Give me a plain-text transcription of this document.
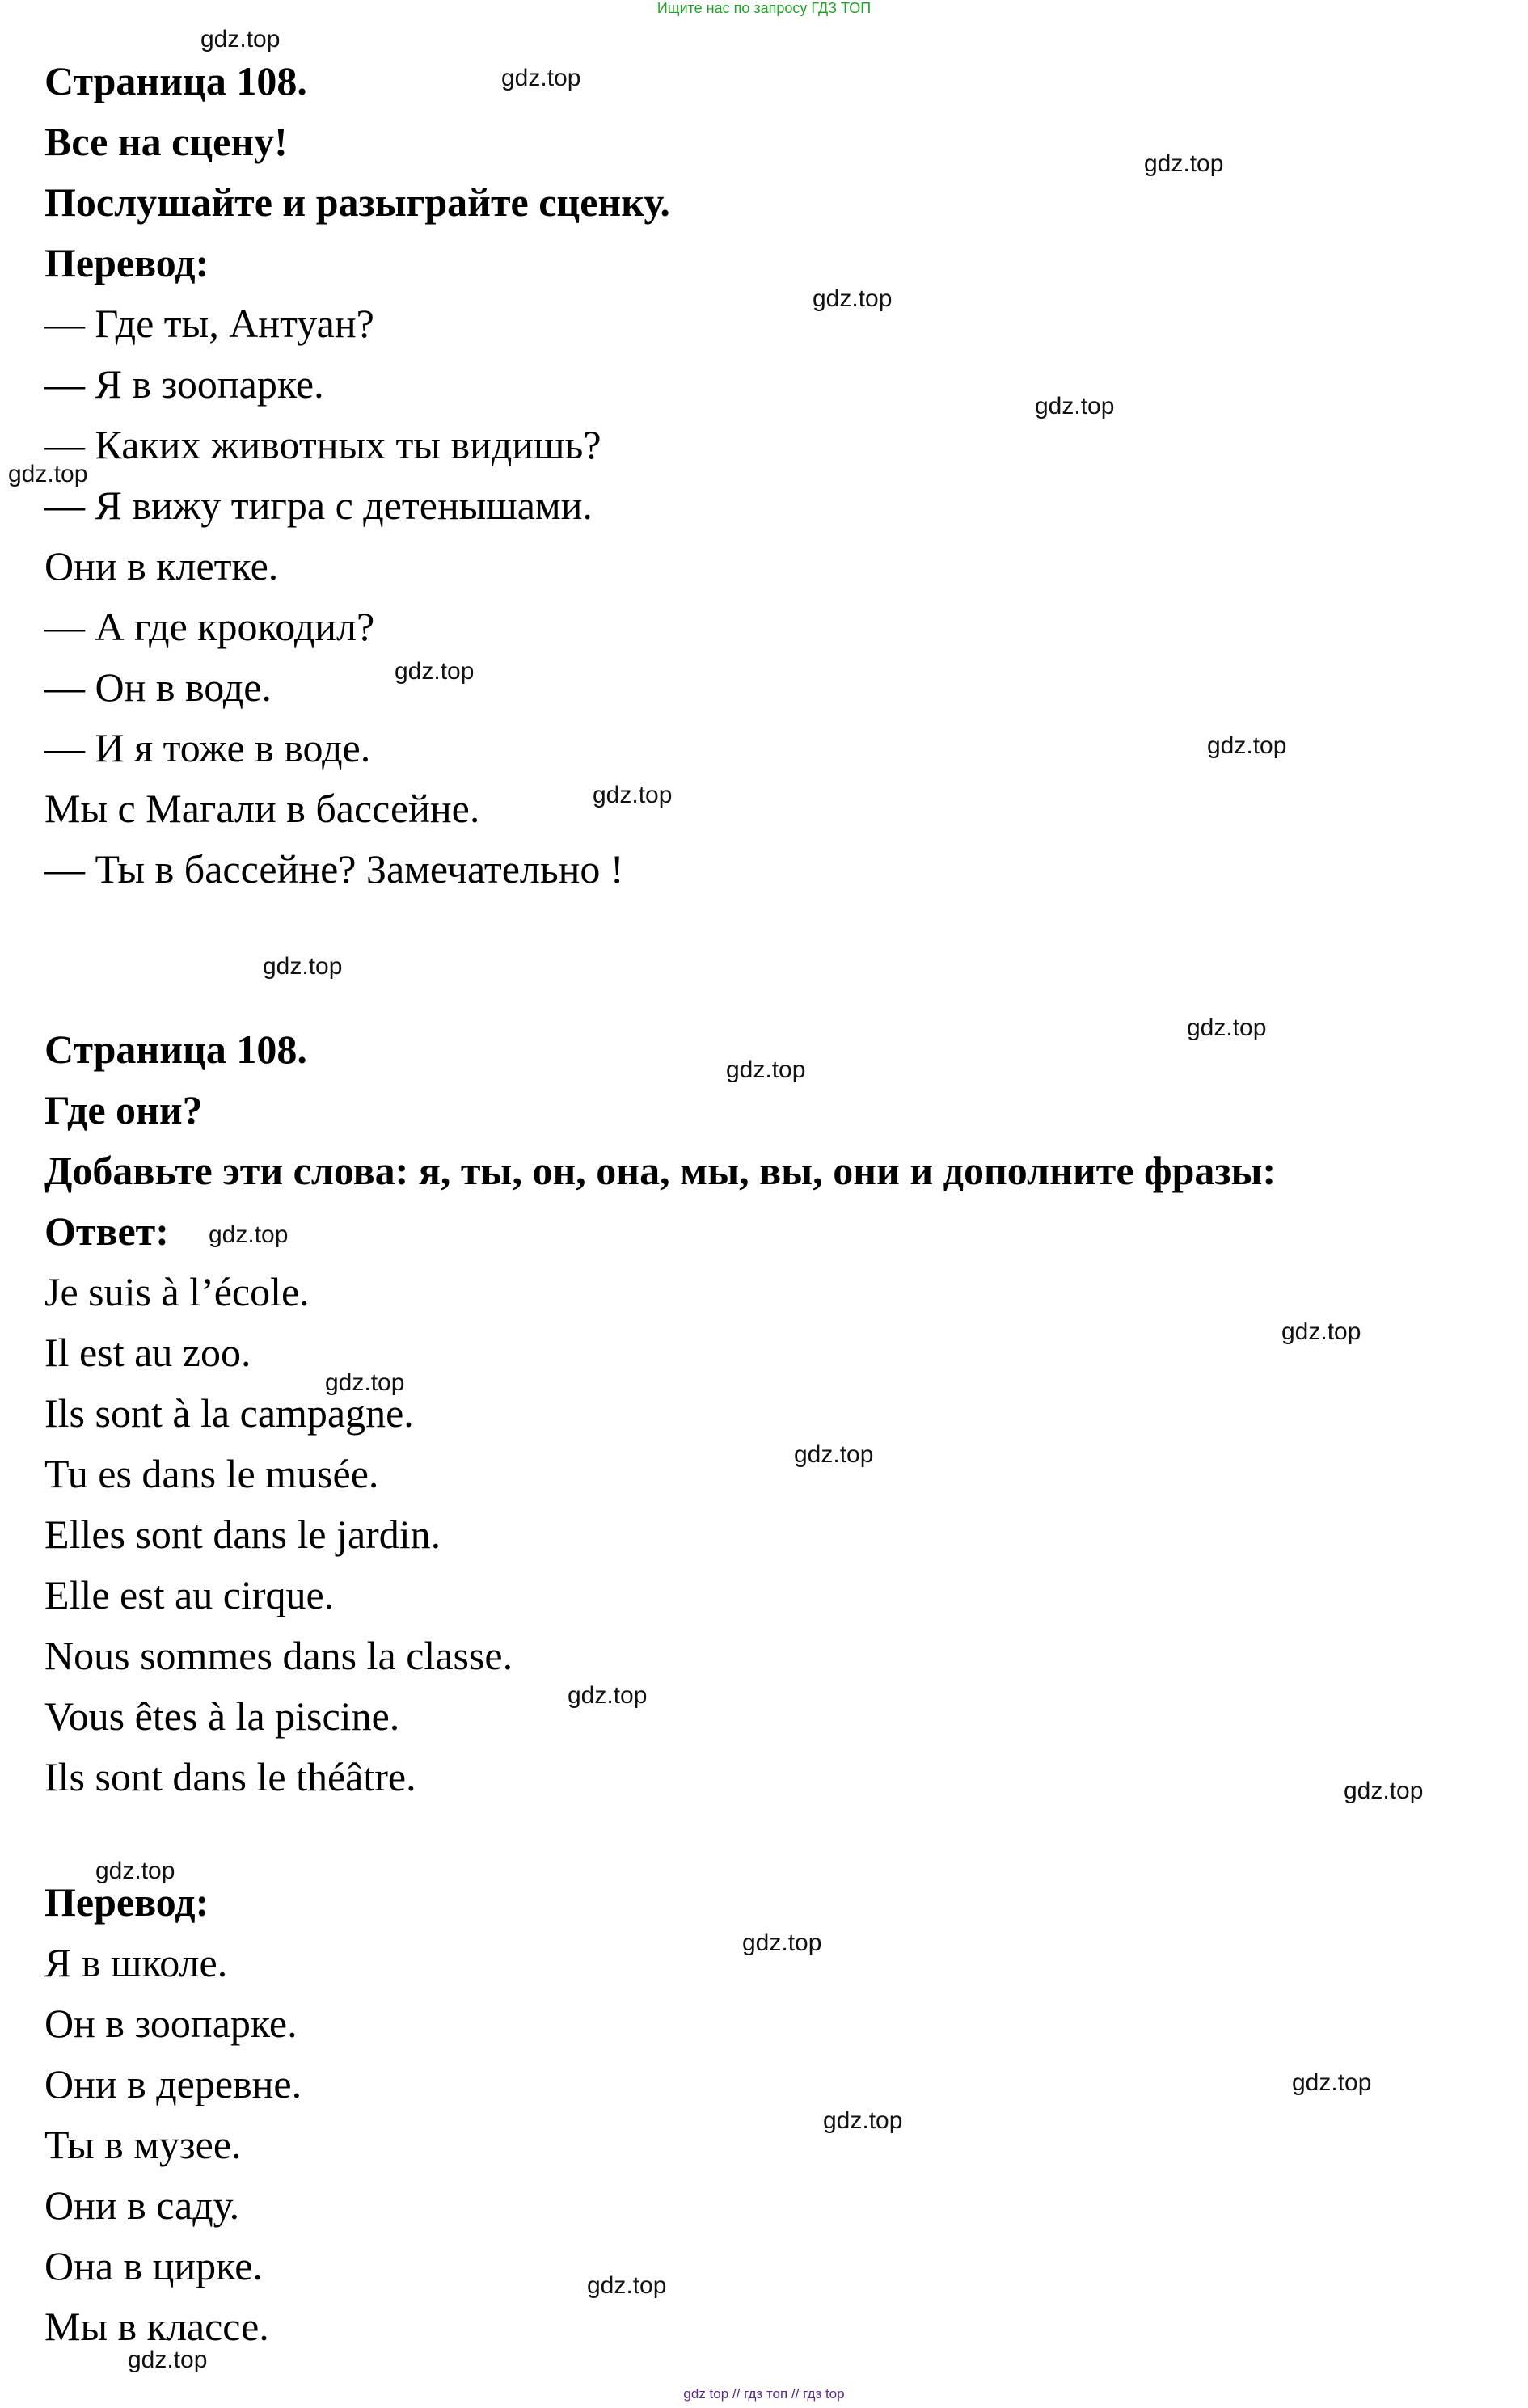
Ищите нас по запросу ГДЗ ТОП
Страница 108.
Все на сцену!
Послушайте и разыграйте сценку.
Перевод:
— Где ты, Антуан?
— Я в зоопарке.
— Каких животных ты видишь?
— Я вижу тигра с детенышами.
Они в клетке.
— А где крокодил?
— Он в воде.
— И я тоже в воде.
Мы с Магали в бассейне.
— Ты в бассейне? Замечательно !
Страница 108.
Где они?
Добавьте эти слова: я, ты, он, она, мы, вы, они и дополните фразы:
Ответ:
Je suis à l’école.
Il est au zoo.
Ils sont à la campagne.
Tu es dans le musée.
Elles sont dans le jardin.
Elle est au cirque.
Nous sommes dans la classe.
Vous êtes à la piscine.
Ils sont dans le théâtre.
Перевод:
Я в школе.
Он в зоопарке.
Они в деревне.
Ты в музее.
Они в саду.
Она в цирке.
Мы в классе.
gdz.top
gdz.top
gdz.top
gdz.top
gdz.top
gdz.top
gdz.top
gdz.top
gdz.top
gdz.top
gdz.top
gdz.top
gdz.top
gdz.top
gdz.top
gdz.top
gdz.top
gdz.top
gdz.top
gdz.top
gdz.top
gdz.top
gdz.top
gdz.top
gdz top // гдз топ // гдз top
